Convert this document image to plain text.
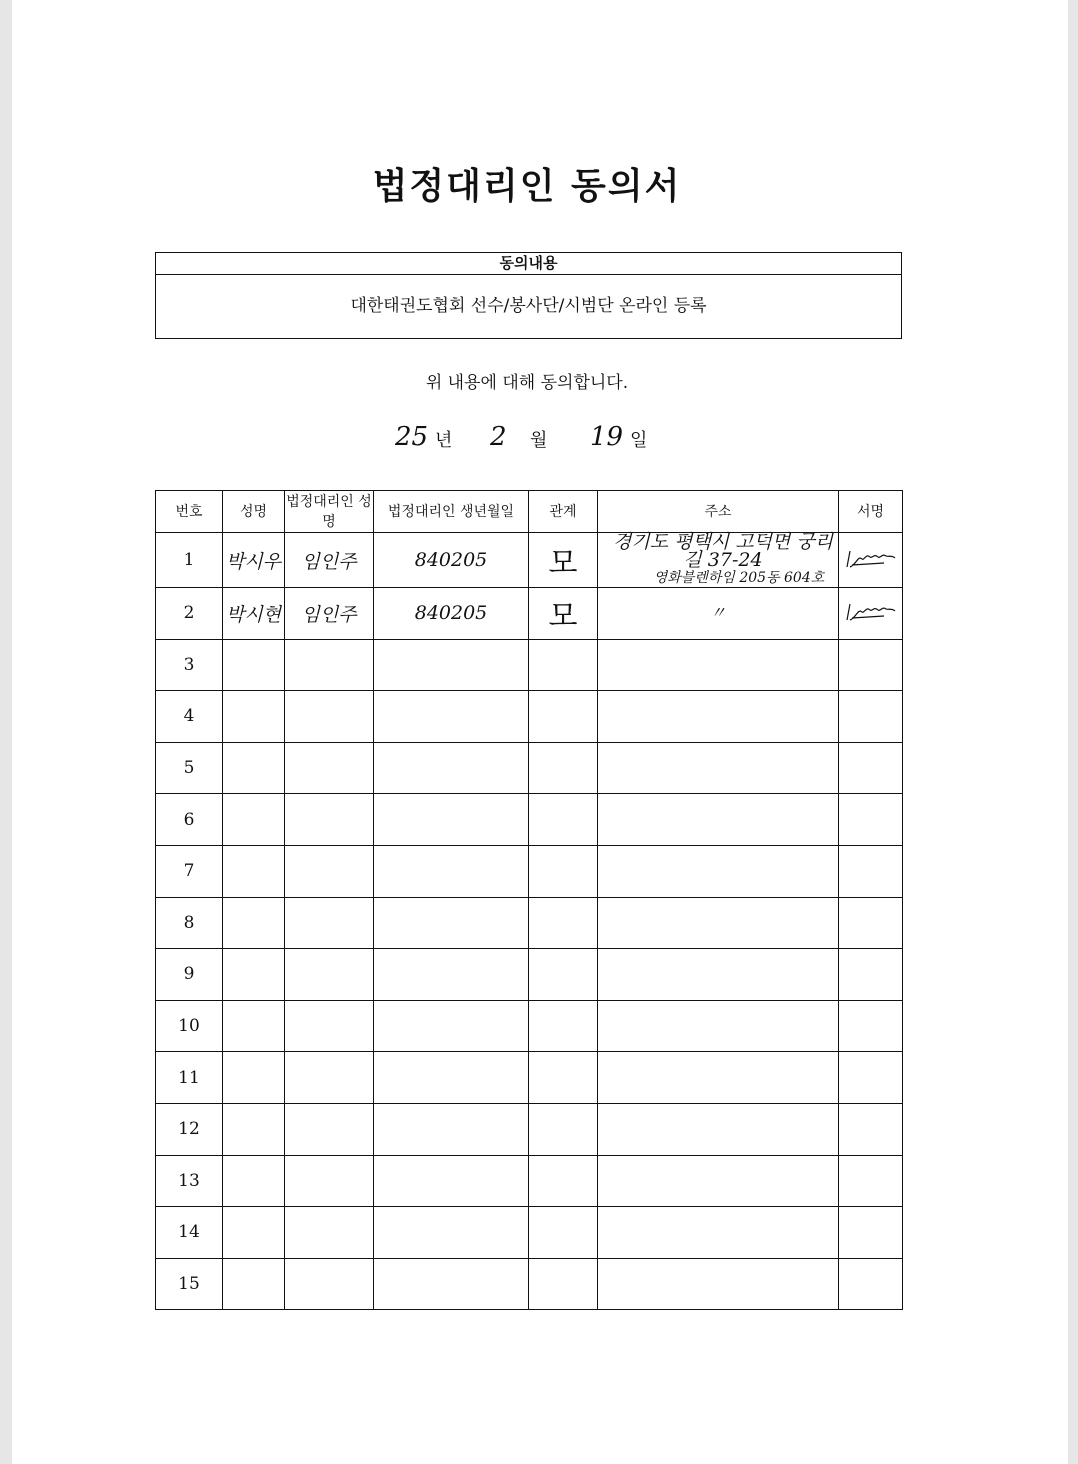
법정대리인 동의서
동의내용
대한태권도협회 선수/봉사단/시범단 온라인 등록
위 내용에 대해 동의합니다.
25 년 2 월 19 일
번호	성명	법정대리인 성명	법정대리인 생년월일	관계	주소	서명
1	박시우	임인주	840205	모	경기도 평택시 고덕면 궁리길 37-24
영화블렌하임 205동 604호

2	박시현	임인주	840205	모	〃

3						
4						
5						
6						
7						
8						
9						
10						
11						
12						
13						
14						
15						
